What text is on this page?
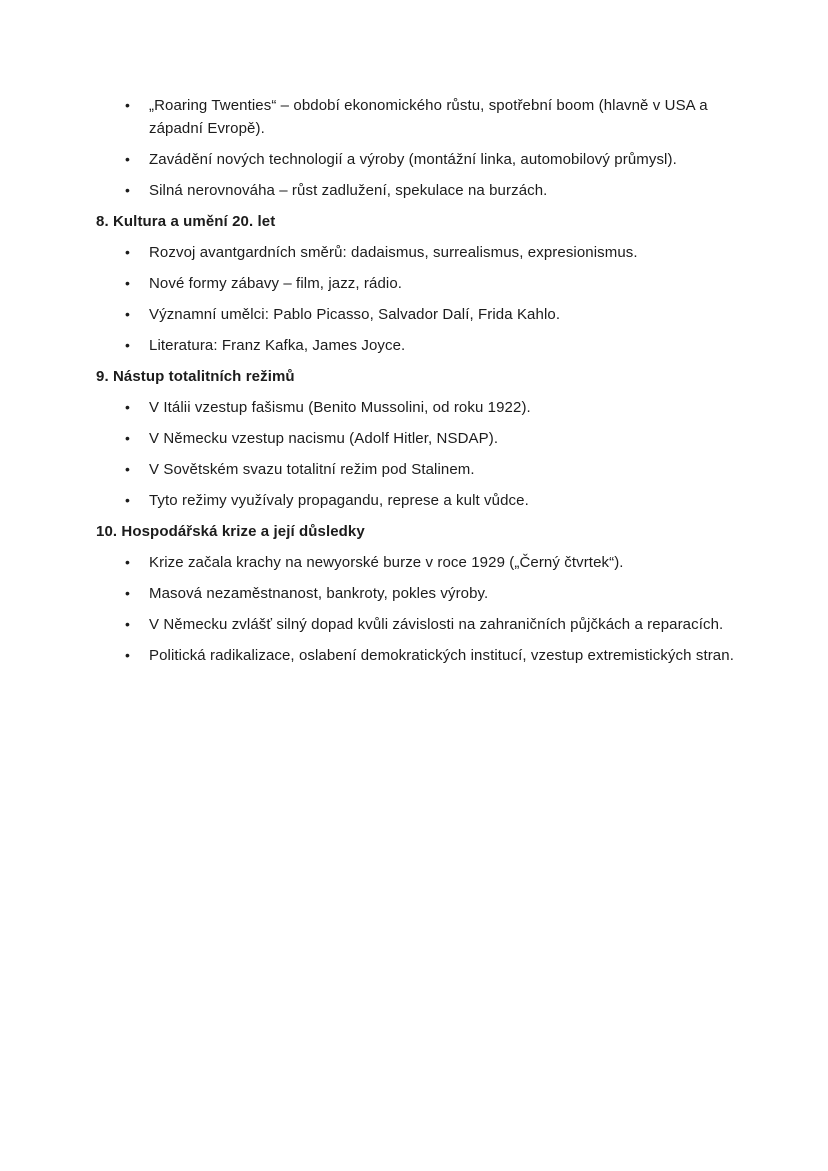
•	„Roaring Twenties“ – období ekonomického růstu, spotřební boom (hlavně v USA a západní Evropě).
•	Zavádění nových technologií a výroby (montážní linka, automobilový průmysl).
•	Silná nerovnováha – růst zadlužení, spekulace na burzách.
8. Kultura a umění 20. let
•	Rozvoj avantgardních směrů: dadaismus, surrealismus, expresionismus.
•	Nové formy zábavy – film, jazz, rádio.
•	Významní umělci: Pablo Picasso, Salvador Dalí, Frida Kahlo.
•	Literatura: Franz Kafka, James Joyce.
9. Nástup totalitních režimů
•	V Itálii vzestup fašismu (Benito Mussolini, od roku 1922).
•	V Německu vzestup nacismu (Adolf Hitler, NSDAP).
•	V Sovětském svazu totalitní režim pod Stalinem.
•	Tyto režimy využívaly propagandu, represe a kult vůdce.
10. Hospodářská krize a její důsledky
•	Krize začala krachy na newyorské burze v roce 1929 („Černý čtvrtek“).
•	Masová nezaměstnanost, bankroty, pokles výroby.
•	V Německu zvlášť silný dopad kvůli závislosti na zahraničních půjčkách a reparacích.
•	Politická radikalizace, oslabení demokratických institucí, vzestup extremistických stran.
